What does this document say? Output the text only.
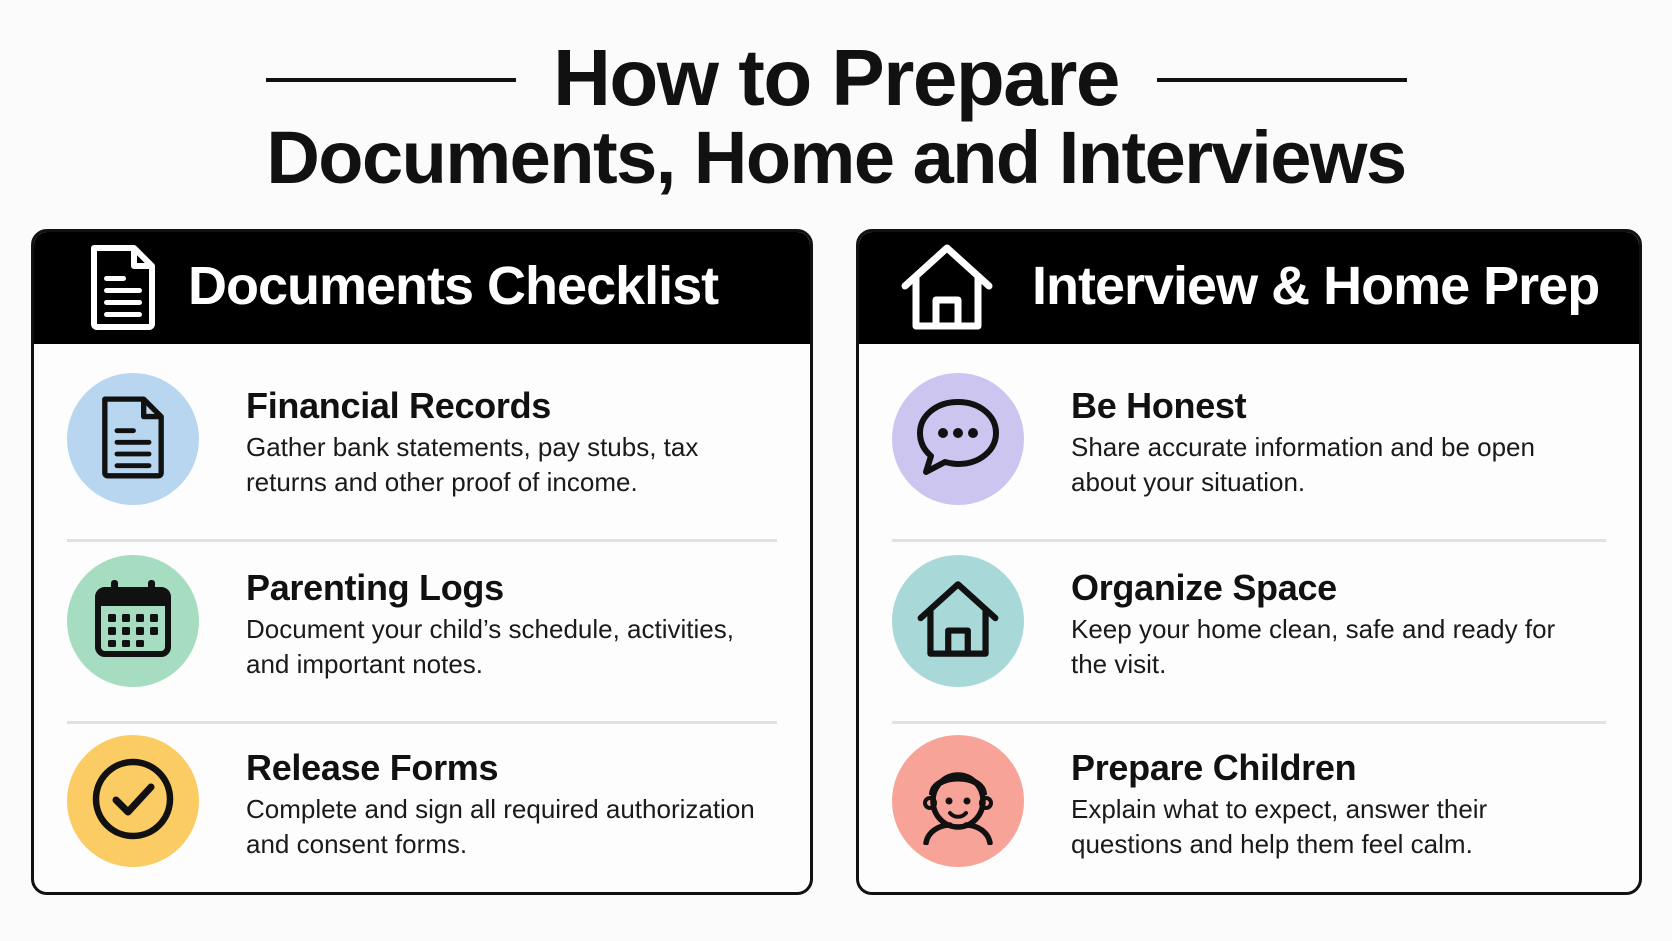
How to Prepare
Documents, Home and Interviews
Documents Checklist
Financial Records
Gather bank statements, pay stubs, tax returns and other proof of income.
Parenting Logs
Document your child’s schedule, activities, and important notes.
Release Forms
Complete and sign all required authorization and consent forms.
Interview & Home Prep
Be Honest
Share accurate information and be open about your situation.
Organize Space
Keep your home clean, safe and ready for the visit.
Prepare Children
Explain what to expect, answer their questions and help them feel calm.
